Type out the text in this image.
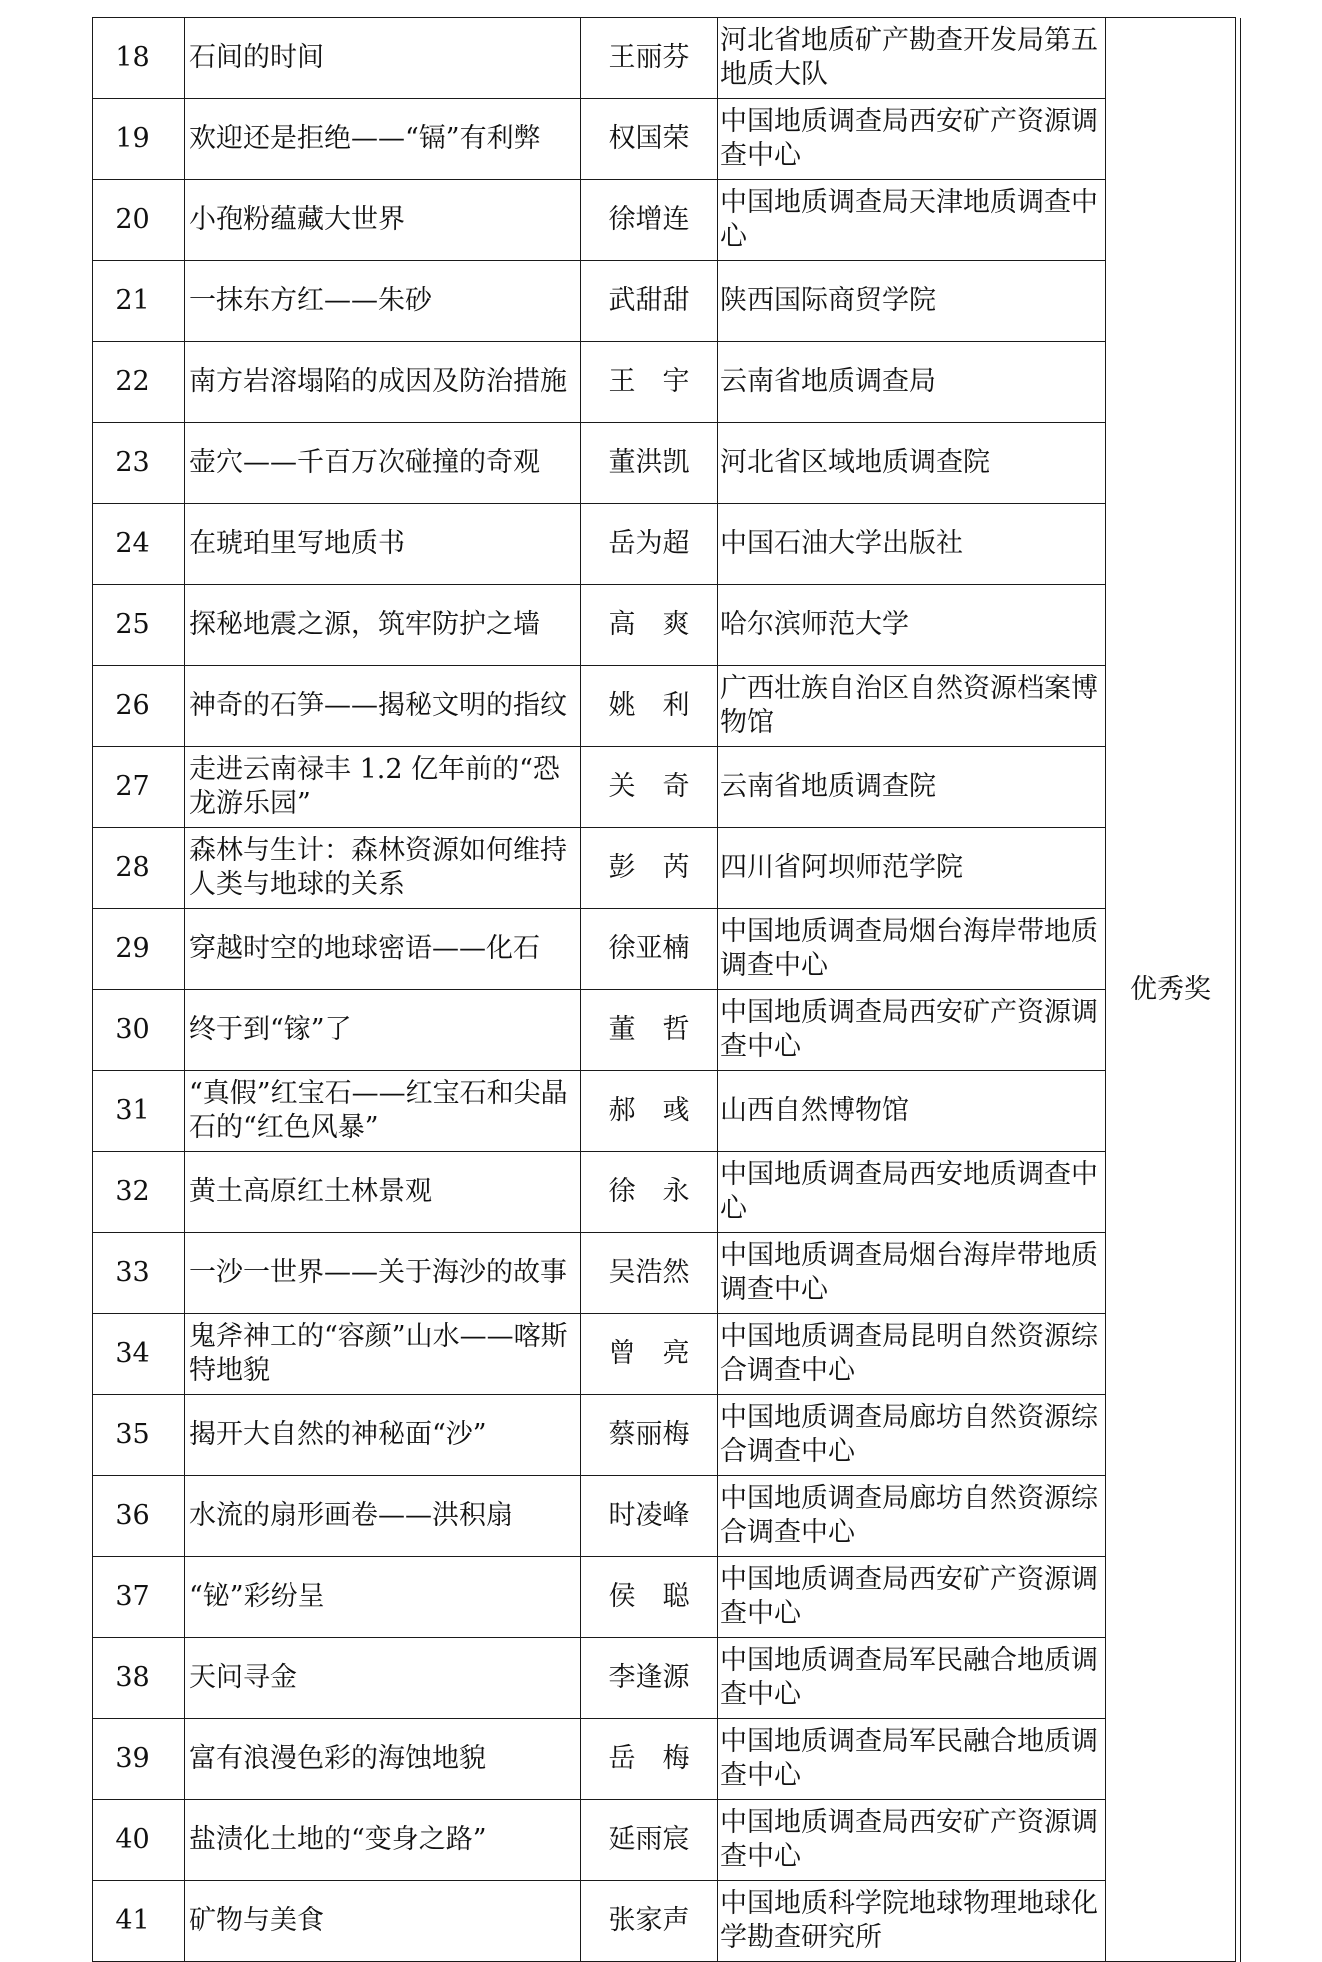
18	石间的时间	王丽芬	河北省地质矿产勘查开发局第五地质大队	优秀奖	
19	欢迎还是拒绝——“镉”有利弊	权国荣	中国地质调查局西安矿产资源调查中心		
20	小孢粉蕴藏大世界	徐增连	中国地质调查局天津地质调查中心		
21	一抹东方红——朱砂	武甜甜	陕西国际商贸学院		
22	南方岩溶塌陷的成因及防治措施	王　宇	云南省地质调查局		
23	壶穴——千百万次碰撞的奇观	董洪凯	河北省区域地质调查院		
24	在琥珀里写地质书	岳为超	中国石油大学出版社		
25	探秘地震之源，筑牢防护之墙	高　爽	哈尔滨师范大学		
26	神奇的石笋——揭秘文明的指纹	姚　利	广西壮族自治区自然资源档案博物馆		
27	走进云南禄丰 1.2 亿年前的“恐龙游乐园”	关　奇	云南省地质调查院		
28	森林与生计：森林资源如何维持人类与地球的关系	彭　芮	四川省阿坝师范学院		
29	穿越时空的地球密语——化石	徐亚楠	中国地质调查局烟台海岸带地质调查中心		
30	终于到“镓”了	董　哲	中国地质调查局西安矿产资源调查中心		
31	“真假”红宝石——红宝石和尖晶石的“红色风暴”	郝　彧	山西自然博物馆		
32	黄土高原红土林景观	徐　永	中国地质调查局西安地质调查中心		
33	一沙一世界——关于海沙的故事	吴浩然	中国地质调查局烟台海岸带地质调查中心		
34	鬼斧神工的“容颜”山水——喀斯特地貌	曾　亮	中国地质调查局昆明自然资源综合调查中心		
35	揭开大自然的神秘面“沙”	蔡丽梅	中国地质调查局廊坊自然资源综合调查中心		
36	水流的扇形画卷——洪积扇	时凌峰	中国地质调查局廊坊自然资源综合调查中心		
37	“铋”彩纷呈	侯　聪	中国地质调查局西安矿产资源调查中心		
38	天问寻金	李逢源	中国地质调查局军民融合地质调查中心		
39	富有浪漫色彩的海蚀地貌	岳　梅	中国地质调查局军民融合地质调查中心		
40	盐渍化土地的“变身之路”	延雨宸	中国地质调查局西安矿产资源调查中心		
41	矿物与美食	张家声	中国地质科学院地球物理地球化学勘查研究所		
